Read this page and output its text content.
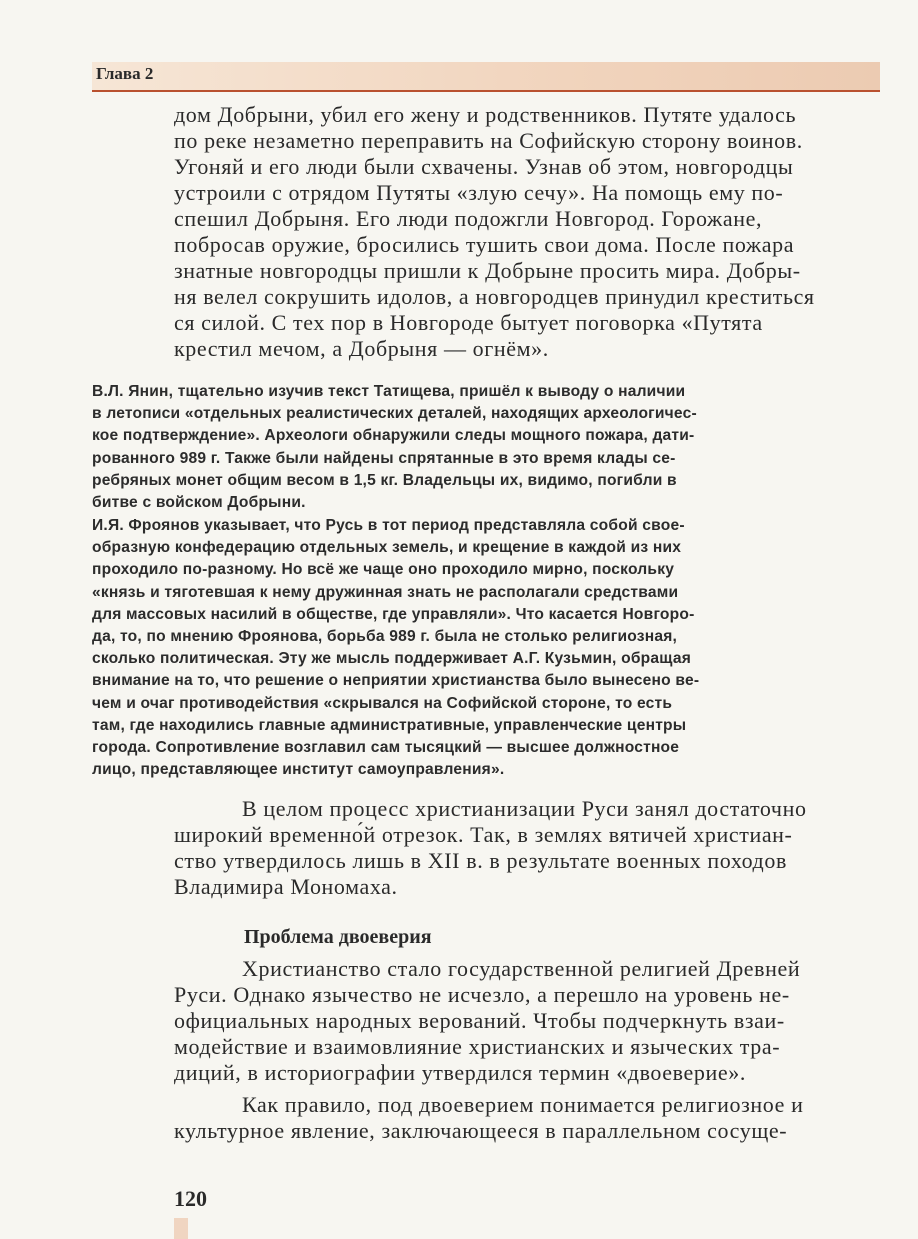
Глава 2

дом Добрыни, убил его жену и родственников. Путяте удалось

по реке незаметно переправить на Софийскую сторону воинов.

Угоняй и его люди были схвачены. Узнав об этом, новгородцы

устроили с отрядом Путяты «злую сечу». На помощь ему по-

спешил Добрыня. Его люди подожгли Новгород. Горожане,

побросав оружие, бросились тушить свои дома. После пожара

знатные новгородцы пришли к Добрыне просить мира. Добры-

ня велел сокрушить идолов, а новгородцев принудил креститься

ся силой. С тех пор в Новгороде бытует поговорка «Путята

крестил мечом, а Добрыня — огнём».

В.Л. Янин, тщательно изучив текст Татищева, пришёл к выводу о наличии

в летописи «отдельных реалистических деталей, находящих археологичес-

кое подтверждение». Археологи обнаружили следы мощного пожара, дати-

рованного 989 г. Также были найдены спрятанные в это время клады се-

ребряных монет общим весом в 1,5 кг. Владельцы их, видимо, погибли в

битве с войском Добрыни.

И.Я. Фроянов указывает, что Русь в тот период представляла собой свое-

образную конфедерацию отдельных земель, и крещение в каждой из них

проходило по-разному. Но всё же чаще оно проходило мирно, поскольку

«князь и тяготевшая к нему дружинная знать не располагали средствами

для массовых насилий в обществе, где управляли». Что касается Новгоро-

да, то, по мнению Фроянова, борьба 989 г. была не столько религиозная,

сколько политическая. Эту же мысль поддерживает А.Г. Кузьмин, обращая

внимание на то, что решение о неприятии христианства было вынесено ве-

чем и очаг противодействия «скрывался на Софийской стороне, то есть

там, где находились главные административные, управленческие центры

города. Сопротивление возглавил сам тысяцкий — высшее должностное

лицо, представляющее институт самоуправления».

В целом процесс христианизации Руси занял достаточно

широкий временно́й отрезок. Так, в землях вятичей христиан-

ство утвердилось лишь в XII в. в результате военных походов

Владимира Мономаха.

Проблема двоеверия

Христианство стало государственной религией Древней

Руси. Однако язычество не исчезло, а перешло на уровень не-

официальных народных верований. Чтобы подчеркнуть взаи-

модействие и взаимовлияние христианских и языческих тра-

диций, в историографии утвердился термин «двоеверие».

Как правило, под двоеверием понимается религиозное и

культурное явление, заключающееся в параллельном сосуще-

120
